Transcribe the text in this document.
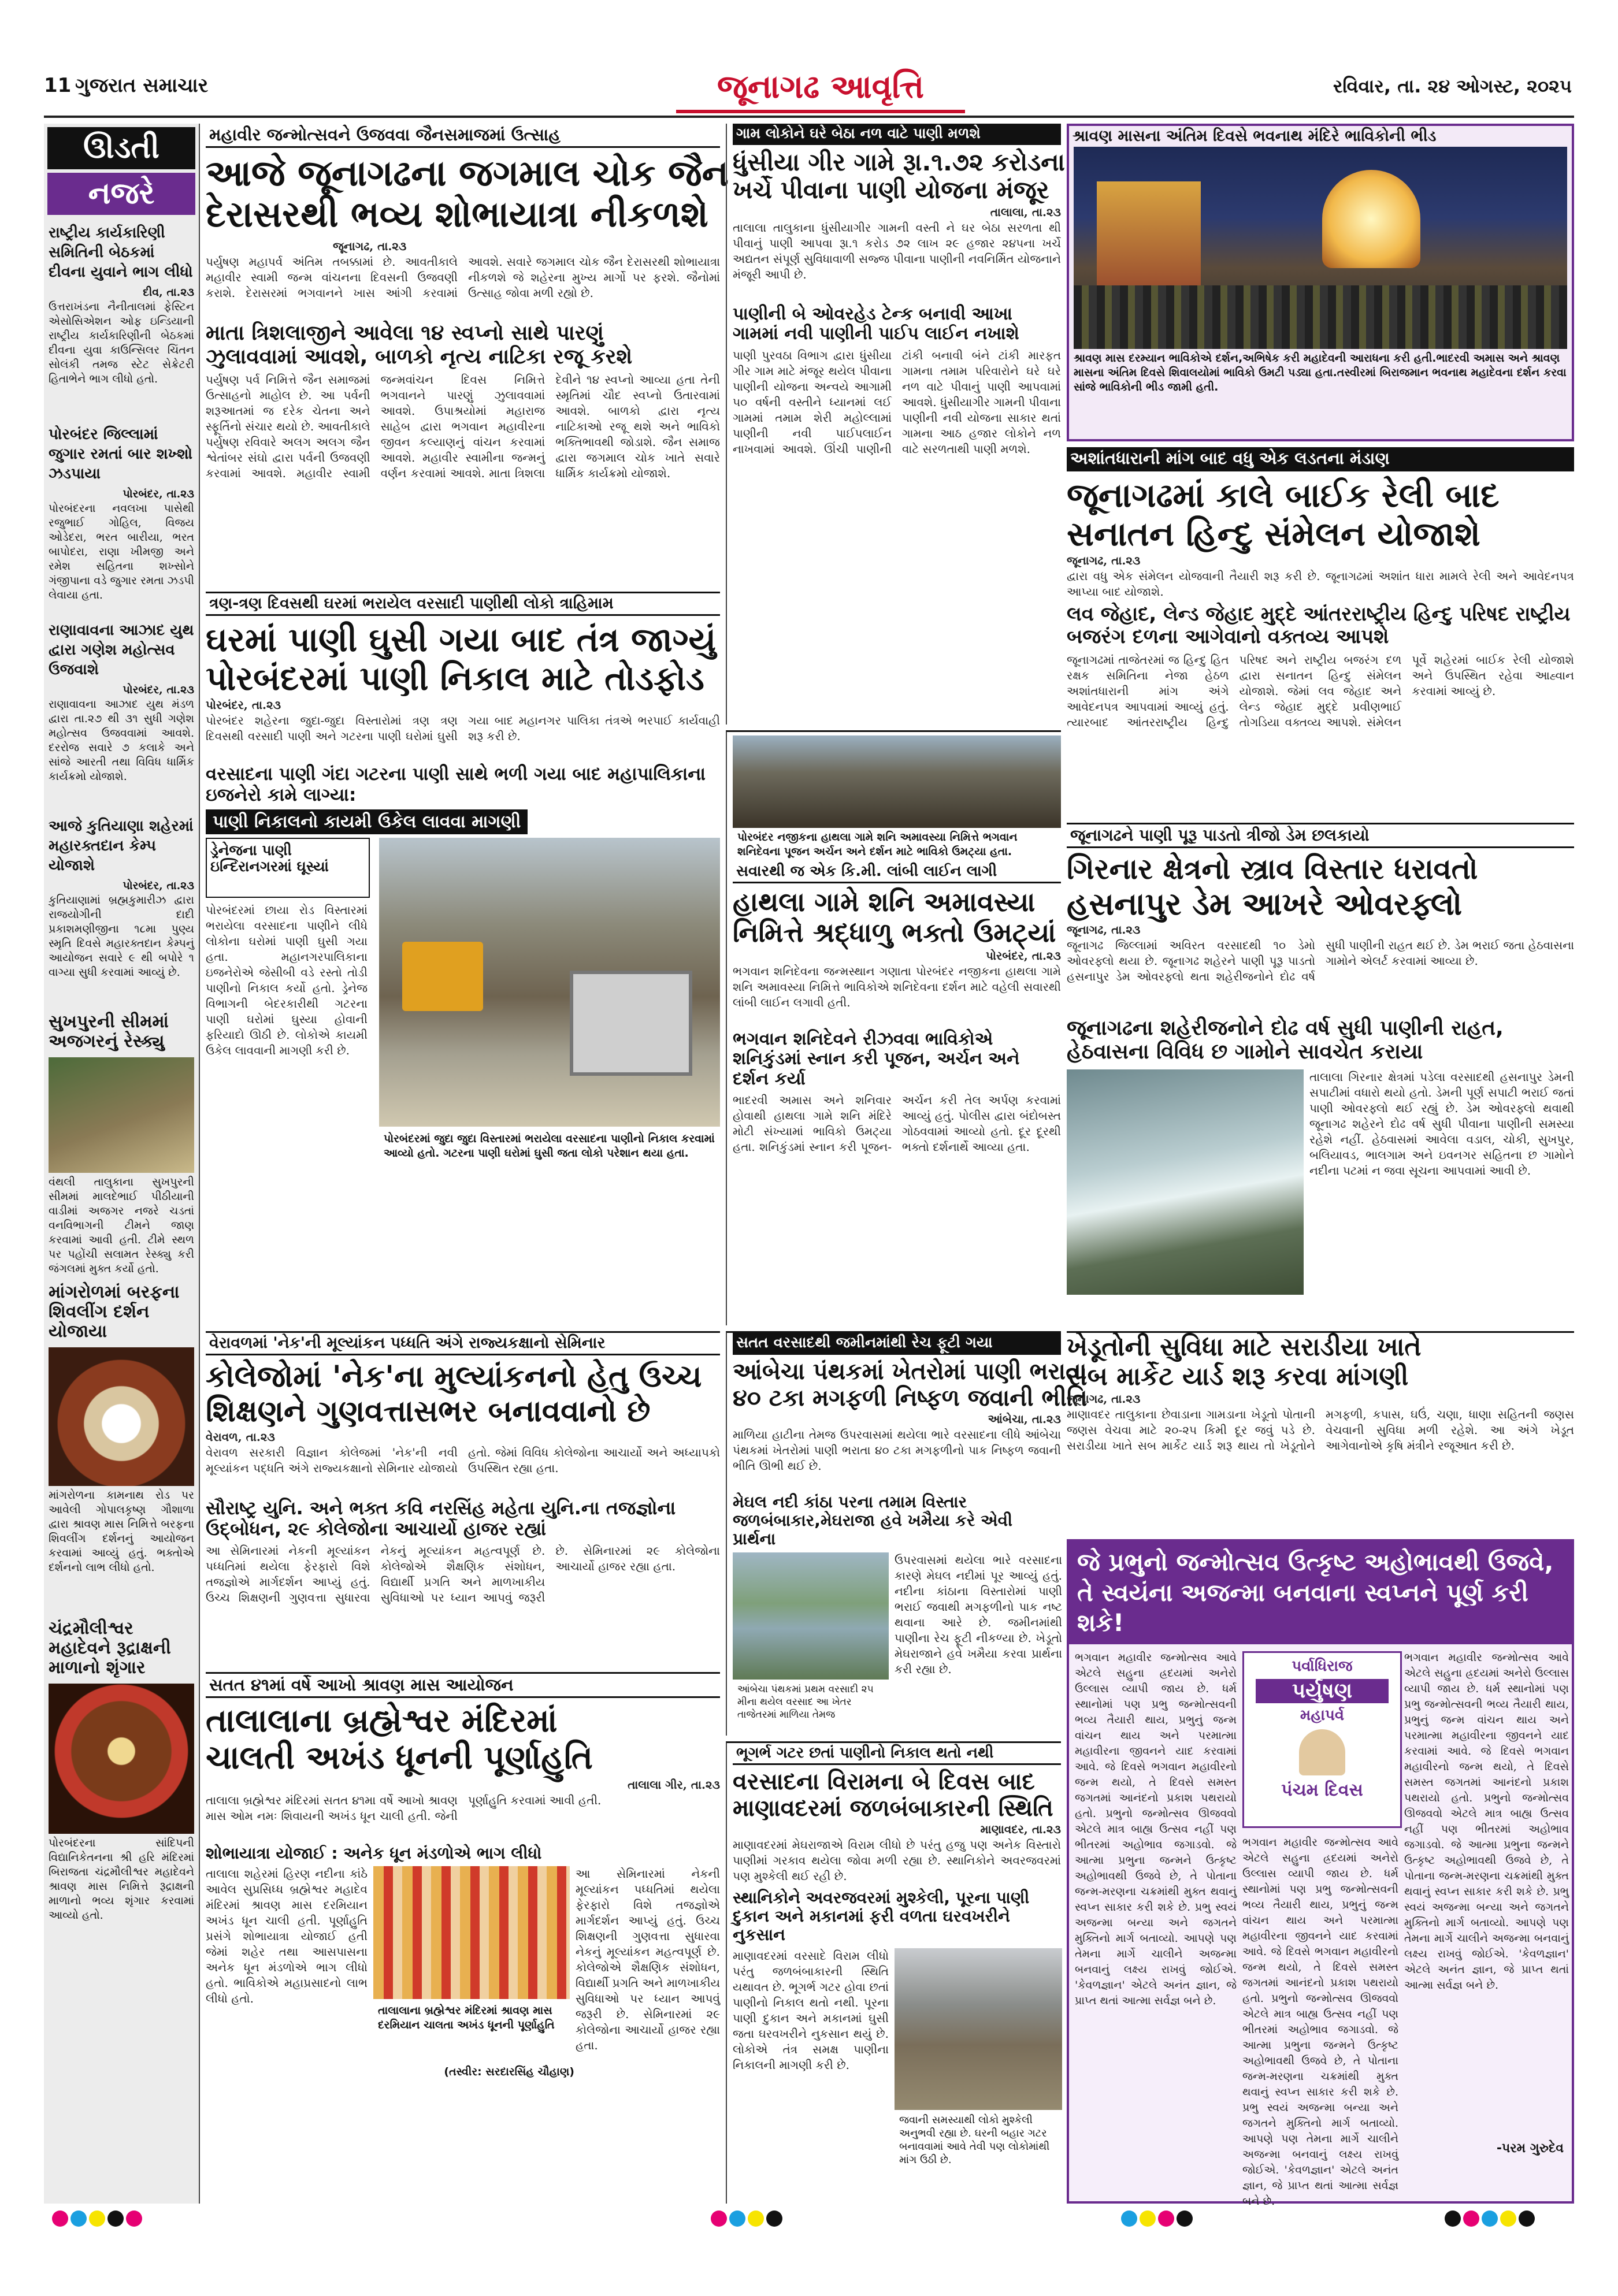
11 ગુજરાત સમાચાર	જૂનાગઢ આવૃત્તિ	રવિવાર, તા. ૨૪ ઓગસ્ટ, ૨૦૨૫
ઊડતી
નજરે
રાષ્ટ્રીય કાર્યકારિણી સમિતિની બેઠકમાં દીવના યુવાને ભાગ લીધો
દીવ, તા.૨૩
ઉત્તરાખંડના નૈનીતાલમાં ફેસ્ટિન એસોસિએશન ઓફ ઇન્ડિયાની રાષ્ટ્રીય કાર્યકારિણીની બેઠકમાં દીવના યુવા કાઉન્સિલર ચિંતન સોલંકી તમજ સ્ટેટ સેક્રેટરી હિતાભેને ભાગ લીધો હતો.
પોરબંદર જિલ્લામાં જુગાર રમતાં બાર શખ્શો ઝડપાયા
પોરબંદર, તા.૨૩
પોરબંદરના નવલખા પાસેથી રજુભાઈ ગોહિલ, વિજય ઓડેદરા, ભરત બારીયા, ભરત બાપોદરા, રાણા ખીમજી અને રમેશ સહિતના શખ્સોને ગંજીપાના વડે જુગાર રમતા ઝડપી લેવાયા હતા.
રાણાવાવના આઝાદ યુથ દ્વારા ગણેશ મહોત્સવ ઉજવાશે
પોરબંદર, તા.૨૩
રાણાવાવના આઝાદ યુથ મંડળ દ્વારા તા.૨૭ થી ૩૧ સુધી ગણેશ મહોત્સવ ઉજવવામાં આવશે. દરરોજ સવારે ૭ કલાકે અને સાંજે આરતી તથા વિવિધ ધાર્મિક કાર્યક્રમો યોજાશે.
આજે કુતિયાણા શહેરમાં મહારક્તદાન કેમ્પ યોજાશે
પોરબંદર, તા.૨૩
કુતિયાણામાં બ્રહ્મકુમારીઝ દ્વારા રાજયોગીની દાદી પ્રકાશમણીજીના ૧૮મા પુણ્ય સ્મૃતિ દિવસે મહારક્તદાન કેમ્પનું આયોજન સવારે ૯ થી બપોરે ૧ વાગ્યા સુધી કરવામાં આવ્યું છે.
સુખપુરની સીમમાં અજગરનું રેસ્ક્યુ
વંથલી તાલુકાના સુખપુરની સીમમાં માલદેભાઈ પીઠીયાની વાડીમાં અજગર નજરે ચડતાં વનવિભાગની ટીમને જાણ કરવામાં આવી હતી. ટીમે સ્થળ પર પહોંચી સલામત રેસ્ક્યુ કરી જંગલમાં મુક્ત કર્યો હતો.
માંગરોળમાં બરફના શિવલીંગ દર્શન યોજાયા
માંગરોળના કામનાથ રોડ પર આવેલી ગોપાલકૃષ્ણ ગૌશાળા દ્વારા શ્રાવણ માસ નિમિત્તે બરફના શિવલીંગ દર્શનનું આયોજન કરવામાં આવ્યું હતું. ભક્તોએ દર્શનનો લાભ લીધો હતો.
ચંદ્રમૌલીશ્વર મહાદેવને રૂદ્રાક્ષની માળાનો શૃંગાર
પોરબંદરના સાંદિપની વિદ્યાનિકેતનના શ્રી હરિ મંદિરમાં બિરાજતા ચંદ્રમૌલીશ્વર મહાદેવને શ્રાવણ માસ નિમિત્તે રૂદ્રાક્ષની માળાનો ભવ્ય શૃંગાર કરવામાં આવ્યો હતો.
મહાવીર જન્મોત્સવને ઉજવવા જૈનસમાજમાં ઉત્સાહ
આજે જૂનાગઢના જગમાલ ચોક જૈન
દેરાસરથી ભવ્ય શોભાયાત્રા નીકળશે
જૂનાગઢ, તા.૨૩
પર્યુષણ મહાપર્વ અંતિમ તબક્કામાં છે. આવતીકાલે મહાવીર સ્વામી જન્મ વાંચનના દિવસની ઉજવણી કરાશે. દેરાસરમાં ભગવાનને ખાસ આંગી કરવામાં આવશે. સવારે જગમાલ ચોક જૈન દેરાસરથી શોભાયાત્રા નીકળશે જે શહેરના મુખ્ય માર્ગો પર ફરશે. જૈનોમાં ઉત્સાહ જોવા મળી રહ્યો છે.
માતા ત્રિશલાજીને આવેલા ૧૪ સ્વપ્નો સાથે પારણું
ઝુલાવવામાં આવશે, બાળકો નૃત્ય નાટિકા રજૂ કરશે
પર્યુષણ પર્વ નિમિત્તે જૈન સમાજમાં ઉત્સાહનો માહોલ છે. આ પર્વની શરૂઆતમાં જ દરેક ચેતના અને સ્ફૂર્તિનો સંચાર થયો છે. આવતીકાલે પર્યુષણ રવિવારે અલગ અલગ જૈન શ્વેતાંબર સંઘો દ્વારા પર્વની ઉજવણી કરવામાં આવશે. મહાવીર સ્વામી જન્મવાંચન દિવસ નિમિત્તે ભગવાનને પારણું ઝુલાવવામાં આવશે. ઉપાશ્રયોમાં મહારાજ સાહેબ દ્વારા ભગવાન મહાવીરના જીવન કલ્યાણનું વાંચન કરવામાં આવશે. મહાવીર સ્વામીના જન્મનું વર્ણન કરવામાં આવશે. માતા ત્રિશલા દેવીને ૧૪ સ્વપ્નો આવ્યા હતા તેની સ્મૃતિમાં ચૌદ સ્વપ્નો ઉતારવામાં આવશે. બાળકો દ્વારા નૃત્ય નાટિકાઓ રજૂ થશે અને ભાવિકો ભક્તિભાવથી જોડાશે. જૈન સમાજ દ્વારા જગમાલ ચોક ખાતે સવારે ધાર્મિક કાર્યક્રમો યોજાશે.
ગામ લોકોને ઘરે બેઠા નળ વાટે પાણી મળશે
ધુંસીયા ગીર ગામે રૂા.૧.૭૨ કરોડના
ખર્ચે પીવાના પાણી યોજના મંજૂર
તાલાલા, તા.૨૩
તાલાલા તાલુકાના ધુંસીયાગીર ગામની વસ્તી ને ઘર બેઠા સરળતા થી પીવાનું પાણી આપવા રૂા.૧ કરોડ ૭૨ લાખ ૨૯ હજાર ૨૪૫ના ખર્ચે અદ્યતન સંપૂર્ણ સુવિધાવાળી સજ્જ પીવાના પાણીની નવનિર્મિત યોજનાને મંજૂરી આપી છે.
પાણીની બે ઓવરહેડ ટેન્ક બનાવી આખા
ગામમાં નવી પાણીની પાઈપ લાઈન નખાશે
પાણી પુરવઠા વિભાગ દ્વારા ધુંસીયા ગીર ગામ માટે મંજૂર થયેલ પીવાના પાણીની યોજના અન્વયે આગામી ૫૦ વર્ષની વસ્તીને ધ્યાનમાં લઈ ગામમાં તમામ શેરી મહોલ્લામાં પાણીની નવી પાઈપલાઈન નાખવામાં આવશે. ઊંચી પાણીની ટાંકી બનાવી બંને ટાંકી મારફત ગામના તમામ પરિવારોને ઘરે ઘરે નળ વાટે પીવાનું પાણી આપવામાં આવશે. ધુંસીયાગીર ગામની પીવાના પાણીની નવી યોજના સાકાર થતાં ગામના આઠ હજાર લોકોને નળ વાટે સરળતાથી પાણી મળશે.
શ્રાવણ માસના અંતિમ દિવસે ભવનાથ મંદિરે ભાવિકોની ભીડ
શ્રાવણ માસ દરમ્યાન ભાવિકોએ દર્શન,અભિષેક કરી મહાદેવની આરાધના કરી હતી.ભાદરવી અમાસ અને શ્રાવણ માસના અંતિમ દિવસે શિવાલયોમાં ભાવિકો ઉમટી પડ્યા હતા.તસ્વીરમાં બિરાજમાન ભવનાથ મહાદેવના દર્શન કરવા સાંજે ભાવિકોની ભીડ જામી હતી.
અશાંતધારાની માંગ બાદ વધુ એક લડતના મંડાણ
જૂનાગઢમાં કાલે બાઈક રેલી બાદ
સનાતન હિન્દુ સંમેલન યોજાશે
જૂનાગઢ, તા.૨૩
દ્વારા વધુ એક સંમેલન યોજવાની તૈયારી શરૂ કરી છે. જૂનાગઢમાં અશાંત ધારા મામલે રેલી અને આવેદનપત્ર આપ્યા બાદ યોજાશે.
લવ જેહાદ, લેન્ડ જેહાદ મુદ્દે આંતરરાષ્ટ્રીય હિન્દુ પરિષદ રાષ્ટ્રીય બજરંગ દળના આગેવાનો વક્તવ્ય આપશે
જૂનાગઢમાં તાજેતરમાં જ હિન્દુ હિત રક્ષક સમિતિના નેજા હેઠળ અશાંતધારાની માંગ અંગે આવેદનપત્ર આપવામાં આવ્યું હતું. ત્યારબાદ આંતરરાષ્ટ્રીય હિન્દુ પરિષદ અને રાષ્ટ્રીય બજરંગ દળ દ્વારા સનાતન હિન્દુ સંમેલન યોજાશે. જેમાં લવ જેહાદ અને લેન્ડ જેહાદ મુદ્દે પ્રવીણભાઈ તોગડિયા વક્તવ્ય આપશે. સંમેલન પૂર્વે શહેરમાં બાઈક રેલી યોજાશે અને ઉપસ્થિત રહેવા આહ્વાન કરવામાં આવ્યું છે.
ત્રણ-ત્રણ દિવસથી ઘરમાં ભરાયેલ વરસાદી પાણીથી લોકો ત્રાહિમામ
ઘરમાં પાણી ઘુસી ગયા બાદ તંત્ર જાગ્યું
પોરબંદરમાં પાણી નિકાલ માટે તોડફોડ
પોરબંદર, તા.૨૩
પોરબંદર શહેરના જુદા-જુદા વિસ્તારોમાં ત્રણ ત્રણ દિવસથી વરસાદી પાણી અને ગટરના પાણી ઘરોમાં ઘુસી ગયા બાદ મહાનગર પાલિકા તંત્રએ ભરપાઈ કાર્યવાહી શરૂ કરી છે.
વરસાદના પાણી ગંદા ગટરના પાણી સાથે ભળી ગયા બાદ મહાપાલિકાના ઇજનેરો કામે લાગ્યા:
પાણી નિકાલનો કાયમી ઉકેલ લાવવા માગણી
ડ્રેનેજના પાણી ઇન્દિરાનગરમાં ઘૂસ્યાં
પોરબંદરમાં છાયા રોડ વિસ્તારમાં ભરાયેલા વરસાદના પાણીને લીધે લોકોના ઘરોમાં પાણી ઘુસી ગયા હતા. મહાનગરપાલિકાના ઇજનેરોએ જેસીબી વડે રસ્તો તોડી પાણીનો નિકાલ કર્યો હતો. ડ્રેનેજ વિભાગની બેદરકારીથી ગટરના પાણી ઘરોમાં ઘુસ્યા હોવાની ફરિયાદો ઊઠી છે. લોકોએ કાયમી ઉકેલ લાવવાની માગણી કરી છે.
પોરબંદરમાં જુદા જુદા વિસ્તારમાં ભરાયેલા વરસાદના પાણીનો નિકાલ કરવામાં આવ્યો હતો. ગટરના પાણી ઘરોમાં ઘુસી જતા લોકો પરેશાન થયા હતા.
પોરબંદર નજીકના હાથલા ગામે શનિ અમાવસ્યા નિમિત્તે ભગવાન શનિદેવના પૂજન અર્ચન અને દર્શન માટે ભાવિકો ઉમટ્યા હતા.
સવારથી જ એક કિ.મી. લાંબી લાઈન લાગી
હાથલા ગામે શનિ અમાવસ્યા
નિમિત્તે શ્રદ્ધાળુ ભક્તો ઉમટ્યાં
પોરબંદર, તા.૨૩
ભગવાન શનિદેવના જન્મસ્થાન ગણાતા પોરબંદર નજીકના હાથલા ગામે શનિ અમાવસ્યા નિમિત્તે ભાવિકોએ શનિદેવના દર્શન માટે વહેલી સવારથી લાંબી લાઈન લગાવી હતી.
ભગવાન શનિદેવને રીઝવવા ભાવિકોએ શનિકુંડમાં સ્નાન કરી પૂજન, અર્ચન અને દર્શન કર્યા
ભાદરવી અમાસ અને શનિવાર હોવાથી હાથલા ગામે શનિ મંદિરે મોટી સંખ્યામાં ભાવિકો ઉમટ્યા હતા. શનિકુંડમાં સ્નાન કરી પૂજન-અર્ચન કરી તેલ અર્પણ કરવામાં આવ્યું હતું. પોલીસ દ્વારા બંદોબસ્ત ગોઠવવામાં આવ્યો હતો. દૂર દૂરથી ભક્તો દર્શનાર્થે આવ્યા હતા.
જૂનાગઢને પાણી પૂરૂ પાડતો ત્રીજો ડેમ છલકાયો
ગિરનાર ક્ષેત્રનો સ્ત્રાવ વિસ્તાર ધરાવતો
હસનાપુર ડેમ આખરે ઓવરફ્લો
જૂનાગઢ, તા.૨૩
જૂનાગઢ જિલ્લામાં અવિરત વરસાદથી ૧૦ ડેમો ઓવરફ્લો થયા છે. જૂનાગઢ શહેરને પાણી પૂરૂ પાડતો હસનાપુર ડેમ ઓવરફ્લો થતા શહેરીજનોને દોઢ વર્ષ સુધી પાણીની રાહત થઈ છે. ડેમ ભરાઈ જતા હેઠવાસના ગામોને એલર્ટ કરવામાં આવ્યા છે.
જૂનાગઢના શહેરીજનોને દોઢ વર્ષ સુધી પાણીની રાહત, હેઠવાસના વિવિધ છ ગામોને સાવચેત કરાયા
તાલાલા ગિરનાર ક્ષેત્રમાં પડેલા વરસાદથી હસનાપુર ડેમની સપાટીમાં વધારો થયો હતો. ડેમની પૂર્ણ સપાટી ભરાઈ જતાં પાણી ઓવરફ્લો થઈ રહ્યું છે. ડેમ ઓવરફ્લો થવાથી જૂનાગઢ શહેરને દોઢ વર્ષ સુધી પીવાના પાણીની સમસ્યા રહેશે નહીં. હેઠવાસમાં આવેલા વડાલ, ચોકી, સુખપુર, બલિયાવડ, ભાલગામ અને ઇવનગર સહિતના છ ગામોને નદીના પટમાં ન જવા સૂચના આપવામાં આવી છે.
સતત વરસાદથી જમીનમાંથી રેચ ફૂટી ગયા
આંબેચા પંથકમાં ખેતરોમાં પાણી ભરાતા
૪૦ ટકા મગફળી નિષ્ફળ જવાની ભીતિ
આંબેચા, તા.૨૩
માળિયા હાટીના તેમજ ઉપરવાસમાં થયેલા ભારે વરસાદના લીધે આંબેચા પંથકમાં ખેતરોમાં પાણી ભરાતા ૪૦ ટકા મગફળીનો પાક નિષ્ફળ જવાની ભીતિ ઊભી થઈ છે.
મેઘલ નદી કાંઠા પરના તમામ વિસ્તાર જળબંબાકાર,મેઘરાજા હવે ખમૈયા કરે એવી પ્રાર્થના
આંબેચા પંથકમાં પ્રથમ વરસાદી ૨૫ મીના થયેલ વરસાદ આ ખેતર તાજેતરમાં માળિયા તેમજ
ઉપરવાસમાં થયેલા ભારે વરસાદના કારણે મેઘલ નદીમાં પૂર આવ્યું હતું. નદીના કાંઠાના વિસ્તારોમાં પાણી ભરાઈ જવાથી મગફળીનો પાક નષ્ટ થવાના આરે છે. જમીનમાંથી પાણીના રેચ ફૂટી નીકળ્યા છે. ખેડૂતો મેઘરાજાને હવે ખમૈયા કરવા પ્રાર્થના કરી રહ્યા છે.
ખેડૂતોની સુવિધા માટે સરાડીયા ખાતે
સબ માર્કેટ યાર્ડ શરૂ કરવા માંગણી
જૂનાગઢ, તા.૨૩
માણાવદર તાલુકાના છેવાડાના ગામડાના ખેડૂતો પોતાની જણસ વેચવા માટે ૨૦-૨૫ કિમી દૂર જવું પડે છે. સરાડીયા ખાતે સબ માર્કેટ યાર્ડ શરૂ થાય તો ખેડૂતોને મગફળી, કપાસ, ઘઉં, ચણા, ધાણા સહિતની જણસ વેચવાની સુવિધા મળી રહેશે. આ અંગે ખેડૂત આગેવાનોએ કૃષિ મંત્રીને રજૂઆત કરી છે.
વેરાવળમાં 'નેક'ની મૂલ્યાંકન પધ્ધતિ અંગે રાજ્યકક્ષાનો સેમિનાર
કોલેજોમાં 'નેક'ના મુલ્યાંકનનો હેતુ ઉચ્ચ
શિક્ષણને ગુણવત્તાસભર બનાવવાનો છે
વેરાવળ, તા.૨૩
વેરાવળ સરકારી વિજ્ઞાન કોલેજમાં 'નેક'ની નવી મૂલ્યાંકન પદ્ધતિ અંગે રાજ્યકક્ષાનો સેમિનાર યોજાયો હતો. જેમાં વિવિધ કોલેજોના આચાર્યો અને અધ્યાપકો ઉપસ્થિત રહ્યા હતા.
સૌરાષ્ટ્ર યુનિ. અને ભક્ત કવિ નરસિંહ મહેતા યુનિ.ના તજજ્ઞોના ઉદ્બોધન, ૨૯ કોલેજોના આચાર્યો હાજર રહ્યાં
આ સેમિનારમાં નેકની મૂલ્યાંકન પધ્ધતિમાં થયેલા ફેરફારો વિશે તજજ્ઞોએ માર્ગદર્શન આપ્યું હતું. ઉચ્ચ શિક્ષણની ગુણવત્તા સુધારવા નેકનું મૂલ્યાંકન મહત્વપૂર્ણ છે. કોલેજોએ શૈક્ષણિક સંશોધન, વિદ્યાર્થી પ્રગતિ અને માળખાકીય સુવિધાઓ પર ધ્યાન આપવું જરૂરી છે. સેમિનારમાં ૨૯ કોલેજોના આચાર્યો હાજર રહ્યા હતા.
સતત ૪૧માં વર્ષે આખો શ્રાવણ માસ આયોજન
તાલાલાના બ્રહ્મેશ્વર મંદિરમાં
ચાલતી અખંડ ધૂનની પૂર્ણાહુતિ
તાલાલા ગીર, તા.૨૩
તાલાલા બ્રહ્મેશ્વર મંદિરમાં સતત ૪૧મા વર્ષે આખો શ્રાવણ માસ ઓમ નમઃ શિવાયની અખંડ ધૂન ચાલી હતી. જેની પૂર્ણાહુતિ કરવામાં આવી હતી.
શોભાયાત્રા યોજાઈ : અનેક ધૂન મંડળોએ ભાગ લીધો
તાલાલા શહેરમાં હિરણ નદીના કાંઠે આવેલ સુપ્રસિધ્ધ બ્રહ્મેશ્વર મહાદેવ મંદિરમાં શ્રાવણ માસ દરમિયાન અખંડ ધૂન ચાલી હતી. પૂર્ણાહુતિ પ્રસંગે શોભાયાત્રા યોજાઈ હતી જેમાં શહેર તથા આસપાસના અનેક ધૂન મંડળોએ ભાગ લીધો હતો. ભાવિકોએ મહાપ્રસાદનો લાભ લીધો હતો.
તાલાલાના બ્રહ્મેશ્વર મંદિરમાં શ્રાવણ માસ દરમિયાન ચાલતા અખંડ ધૂનની પૂર્ણાહુતિ
(તસ્વીર: સરદારસિંહ ચૌહાણ)
આ સેમિનારમાં નેકની મૂલ્યાંકન પધ્ધતિમાં થયેલા ફેરફારો વિશે તજજ્ઞોએ માર્ગદર્શન આપ્યું હતું. ઉચ્ચ શિક્ષણની ગુણવત્તા સુધારવા નેકનું મૂલ્યાંકન મહત્વપૂર્ણ છે. કોલેજોએ શૈક્ષણિક સંશોધન, વિદ્યાર્થી પ્રગતિ અને માળખાકીય સુવિધાઓ પર ધ્યાન આપવું જરૂરી છે. સેમિનારમાં ૨૯ કોલેજોના આચાર્યો હાજર રહ્યા હતા.
ભૂગર્ભ ગટર છતાં પાણીનો નિકાલ થતો નથી
વરસાદના વિરામના બે દિવસ બાદ
માણાવદરમાં જળબંબાકારની સ્થિતિ
માણાવદર, તા.૨૩
માણાવદરમાં મેઘરાજાએ વિરામ લીધો છે પરંતુ હજુ પણ અનેક વિસ્તારો પાણીમાં ગરકાવ થયેલા જોવા મળી રહ્યા છે. સ્થાનિકોને અવરજવરમાં પણ મુશ્કેલી થઈ રહી છે.
સ્થાનિકોને અવરજવરમાં મુશ્કેલી, પૂરના પાણી દુકાન અને મકાનમાં ફરી વળતા ઘરવખરીને નુકસાન
માણાવદરમાં વરસાદે વિરામ લીધો પરંતુ જળબંબાકારની સ્થિતિ યથાવત છે. ભૂગર્ભ ગટર હોવા છતાં પાણીનો નિકાલ થતો નથી. પૂરના પાણી દુકાન અને મકાનમાં ઘુસી જતા ઘરવખરીને નુકસાન થયું છે. લોકોએ તંત્ર સમક્ષ પાણીના નિકાલની માગણી કરી છે.
જવાની સમસ્યાથી લોકો મુશ્કેલી અનુભવી રહ્યા છે. ઘરની બહાર ગટર બનાવવામાં આવે તેવી પણ લોકોમાંથી માંગ ઉઠી છે.
જે પ્રભુનો જન્મોત્સવ ઉત્કૃષ્ટ અહોભાવથી ઉજવે, તે સ્વયંના અજન્મા બનવાના સ્વપ્નને પૂર્ણ કરી શકે!
પર્વાધિરાજ
પર્યુષણ
મહાપર્વ
પંચમ દિવસ
ભગવાન મહાવીર જન્મોત્સવ આવે એટલે સહુના હ્રદયમાં અનેરો ઉલ્લાસ વ્યાપી જાય છે. ધર્મ સ્થાનોમાં પણ પ્રભુ જન્મોત્સવની ભવ્ય તૈયારી થાય, પ્રભુનું જન્મ વાંચન થાય અને પરમાત્મા મહાવીરના જીવનને યાદ કરવામાં આવે. જે દિવસે ભગવાન મહાવીરનો જન્મ થયો, તે દિવસે સમસ્ત જગતમાં આનંદનો પ્રકાશ પથરાયો હતો. પ્રભુનો જન્મોત્સવ ઊજવવો એટલે માત્ર બાહ્ય ઉત્સવ નહીં પણ ભીતરમાં અહોભાવ જગાડવો. જે આત્મા પ્રભુના જન્મને ઉત્કૃષ્ટ અહોભાવથી ઉજવે છે, તે પોતાના જન્મ-મરણના ચક્રમાંથી મુક્ત થવાનું સ્વપ્ન સાકાર કરી શકે છે. પ્રભુ સ્વયં અજન્મા બન્યા અને જગતને મુક્તિનો માર્ગ બતાવ્યો. આપણે પણ તેમના માર્ગે ચાલીને અજન્મા બનવાનું લક્ષ્ય રાખવું જોઈએ. 'કેવળજ્ઞાન' એટલે અનંત જ્ઞાન, જે પ્રાપ્ત થતાં આત્મા સર્વજ્ઞ બને છે.
ભગવાન મહાવીર જન્મોત્સવ આવે એટલે સહુના હ્રદયમાં અનેરો ઉલ્લાસ વ્યાપી જાય છે. ધર્મ સ્થાનોમાં પણ પ્રભુ જન્મોત્સવની ભવ્ય તૈયારી થાય, પ્રભુનું જન્મ વાંચન થાય અને પરમાત્મા મહાવીરના જીવનને યાદ કરવામાં આવે. જે દિવસે ભગવાન મહાવીરનો જન્મ થયો, તે દિવસે સમસ્ત જગતમાં આનંદનો પ્રકાશ પથરાયો હતો. પ્રભુનો જન્મોત્સવ ઊજવવો એટલે માત્ર બાહ્ય ઉત્સવ નહીં પણ ભીતરમાં અહોભાવ જગાડવો. જે આત્મા પ્રભુના જન્મને ઉત્કૃષ્ટ અહોભાવથી ઉજવે છે, તે પોતાના જન્મ-મરણના ચક્રમાંથી મુક્ત થવાનું સ્વપ્ન સાકાર કરી શકે છે. પ્રભુ સ્વયં અજન્મા બન્યા અને જગતને મુક્તિનો માર્ગ બતાવ્યો. આપણે પણ તેમના માર્ગે ચાલીને અજન્મા બનવાનું લક્ષ્ય રાખવું જોઈએ. 'કેવળજ્ઞાન' એટલે અનંત જ્ઞાન, જે પ્રાપ્ત થતાં આત્મા સર્વજ્ઞ બને છે.
ભગવાન મહાવીર જન્મોત્સવ આવે એટલે સહુના હ્રદયમાં અનેરો ઉલ્લાસ વ્યાપી જાય છે. ધર્મ સ્થાનોમાં પણ પ્રભુ જન્મોત્સવની ભવ્ય તૈયારી થાય, પ્રભુનું જન્મ વાંચન થાય અને પરમાત્મા મહાવીરના જીવનને યાદ કરવામાં આવે. જે દિવસે ભગવાન મહાવીરનો જન્મ થયો, તે દિવસે સમસ્ત જગતમાં આનંદનો પ્રકાશ પથરાયો હતો. પ્રભુનો જન્મોત્સવ ઊજવવો એટલે માત્ર બાહ્ય ઉત્સવ નહીં પણ ભીતરમાં અહોભાવ જગાડવો. જે આત્મા પ્રભુના જન્મને ઉત્કૃષ્ટ અહોભાવથી ઉજવે છે, તે પોતાના જન્મ-મરણના ચક્રમાંથી મુક્ત થવાનું સ્વપ્ન સાકાર કરી શકે છે. પ્રભુ સ્વયં અજન્મા બન્યા અને જગતને મુક્તિનો માર્ગ બતાવ્યો. આપણે પણ તેમના માર્ગે ચાલીને અજન્મા બનવાનું લક્ષ્ય રાખવું જોઈએ. 'કેવળજ્ઞાન' એટલે અનંત જ્ઞાન, જે પ્રાપ્ત થતાં આત્મા સર્વજ્ઞ બને છે.
-પરમ ગુરુદેવ
